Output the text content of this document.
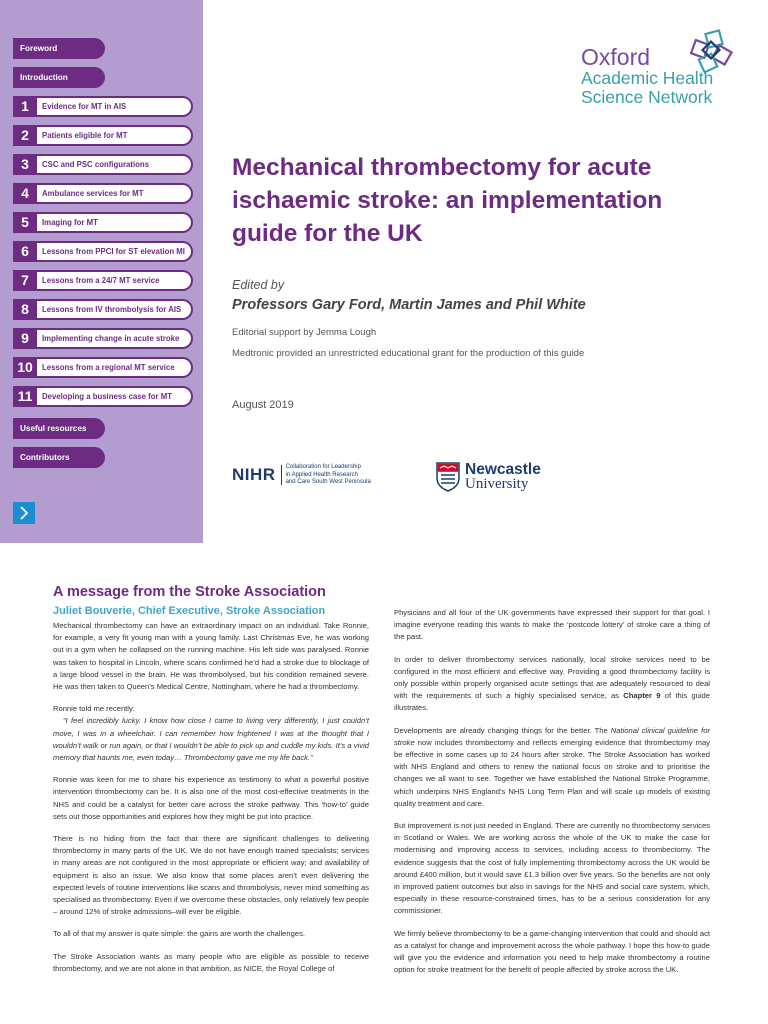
Foreword
Introduction
1	Evidence for MT in AIS
2	Patients eligible for MT
3	CSC and PSC configurations
4	Ambulance services for MT
5	Imaging for MT
6	Lessons from PPCI for ST elevation MI
7	Lessons from a 24/7 MT service
8	Lessons from IV thrombolysis for AIS
9	Implementing change in acute stroke
10	Lessons from a regional MT service
11	Developing a business case for MT
Useful resources
Contributors
Oxford
Academic Health
Science Network
Mechanical thrombectomy for acute ischaemic stroke: an implementation guide for the UK
Edited by
Professors Gary Ford, Martin James and Phil White
Editorial support by Jemma Lough
Medtronic provided an unrestricted educational grant for the production of this guide
August 2019
NIHR	Collaboration for Leadership
in Applied Health Research
and Care South West Peninsula
Newcastle
University
A message from the Stroke Association
Juliet Bouverie, Chief Executive, Stroke Association

Mechanical thrombectomy can have an extraordinary impact on an individual. Take Ronnie, for example, a very fit young man with a young family. Last Christmas Eve, he was working out in a gym when he collapsed on the running machine. His left side was paralysed. Ronnie was taken to hospital in Lincoln, where scans confirmed he’d had a stroke due to blockage of a large blood vessel in the brain. He was thrombolysed, but his condition remained severe. He was then taken to Queen’s Medical Centre, Nottingham, where he had a thrombectomy.

Ronnie told me recently:
“I feel incredibly lucky. I know how close I came to living very differently, I just couldn’t move, I was in a wheelchair. I can remember how frightened I was at the thought that I wouldn’t walk or run again, or that I wouldn’t be able to pick up and cuddle my kids. It’s a vivid memory that haunts me, even today… Thrombectomy gave me my life back.”

Ronnie was keen for me to share his experience as testimony to what a powerful positive intervention thrombectomy can be. It is also one of the most cost-effective treatments in the NHS and could be a catalyst for better care across the stroke pathway. This ‘how-to’ guide sets out those opportunities and explores how they might be put into practice.

There is no hiding from the fact that there are significant challenges to delivering thrombectomy in many parts of the UK. We do not have enough trained specialists; services in many areas are not configured in the most appropriate or efficient way; and availability of equipment is also an issue. We also know that some places aren’t even delivering the expected levels of routine interventions like scans and thrombolysis, never mind something as specialised as thrombectomy. Even if we overcome these obstacles, only relatively few people – around 12% of stroke admissions–will ever be eligible.

To all of that my answer is quite simple: the gains are worth the challenges.

The Stroke Association wants as many people who are eligible as possible to receive thrombectomy, and we are not alone in that ambition, as NICE, the Royal College of

Physicians and all four of the UK governments have expressed their support for that goal. I imagine everyone reading this wants to make the ‘postcode lottery’ of stroke care a thing of the past.

In order to deliver thrombectomy services nationally, local stroke services need to be configured in the most efficient and effective way. Providing a good thrombectomy facility is only possible within properly organised acute settings that are adequately resourced to deal with the requirements of such a highly specialised service, as Chapter 9 of this guide illustrates.

Developments are already changing things for the better. The National clinical guideline for stroke now includes thrombectomy and reflects emerging evidence that thrombectomy may be effective in some cases up to 24 hours after stroke. The Stroke Association has worked with NHS England and others to renew the national focus on stroke and to prioritise the changes we all want to see. Together we have established the National Stroke Programme, which underpins NHS England’s NHS Long Term Plan and will scale up models of existing quality treatment and care.

But improvement is not just needed in England. There are currently no thrombectomy services in Scotland or Wales. We are working across the whole of the UK to make the case for modernising and improving access to services, including access to thrombectomy. The evidence suggests that the cost of fully implementing thrombectomy across the UK would be around £400 million, but it would save £1.3 billion over five years. So the benefits are not only in improved patient outcomes but also in savings for the NHS and social care system, which, especially in these resource-constrained times, has to be a serious consideration for any commissioner.

We firmly believe thrombectomy to be a game-changing intervention that could and should act as a catalyst for change and improvement across the whole pathway. I hope this how-to guide will give you the evidence and information you need to help make thrombectomy a routine option for stroke treatment for the benefit of people affected by stroke across the UK.
